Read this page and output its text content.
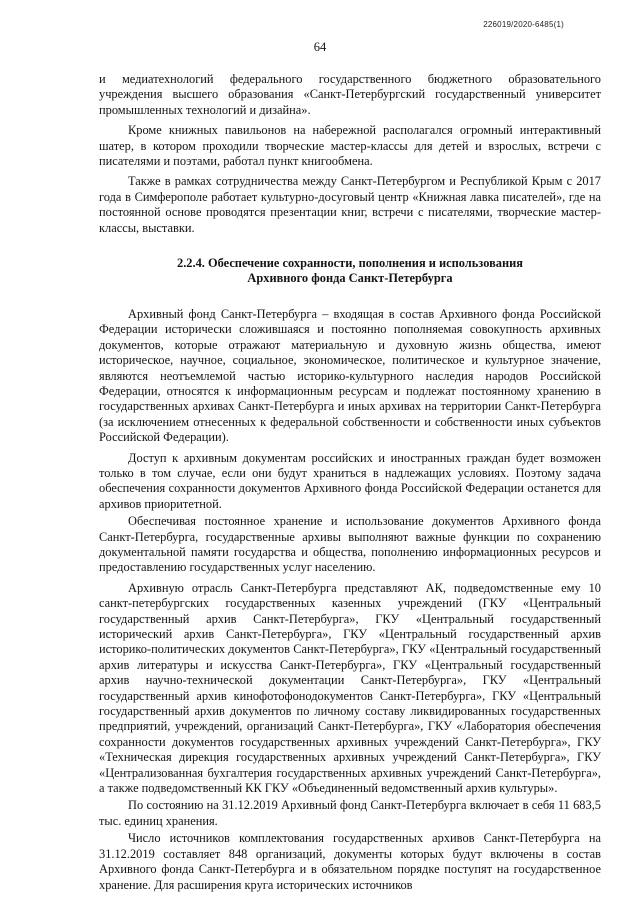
226019/2020-6485(1)
64

и медиатехнологий федерального государственного бюджетного образовательного учреждения высшего образования «Санкт-Петербургский государственный университет промышленных технологий и дизайна».

Кроме книжных павильонов на набережной располагался огромный интерактивный шатер, в котором проходили творческие мастер-классы для детей и взрослых, встречи с писателями и поэтами, работал пункт книгообмена.

Также в рамках сотрудничества между Санкт-Петербургом и Республикой Крым с 2017 года в Симферополе работает культурно-досуговый центр «Книжная лавка писателей», где на постоянной основе проводятся презентации книг, встречи с писателями, творческие мастер-классы, выставки.

2.2.4. Обеспечение сохранности, пополнения и использования
Архивного фонда Санкт-Петербурга

Архивный фонд Санкт-Петербурга – входящая в состав Архивного фонда Российской Федерации исторически сложившаяся и постоянно пополняемая совокупность архивных документов, которые отражают материальную и духовную жизнь общества, имеют историческое, научное, социальное, экономическое, политическое и культурное значение, являются неотъемлемой частью историко-культурного наследия народов Российской Федерации, относятся к информационным ресурсам и подлежат постоянному хранению в государственных архивах Санкт-Петербурга и иных архивах на территории Санкт-Петербурга (за исключением отнесенных к федеральной собственности и собственности иных субъектов Российской Федерации).

Доступ к архивным документам российских и иностранных граждан будет возможен только в том случае, если они будут храниться в надлежащих условиях. Поэтому задача обеспечения сохранности документов Архивного фонда Российской Федерации останется для архивов приоритетной.

Обеспечивая постоянное хранение и использование документов Архивного фонда Санкт-Петербурга, государственные архивы выполняют важные функции по сохранению документальной памяти государства и общества, пополнению информационных ресурсов и предоставлению государственных услуг населению.

Архивную отрасль Санкт-Петербурга представляют АК, подведомственные ему 10 санкт-петербургских государственных казенных учреждений (ГКУ «Центральный государственный архив Санкт-Петербурга», ГКУ «Центральный государственный исторический архив Санкт-Петербурга», ГКУ «Центральный государственный архив историко-политических документов Санкт-Петербурга», ГКУ «Центральный государственный архив литературы и искусства Санкт-Петербурга», ГКУ «Центральный государственный архив научно-технической документации Санкт-Петербурга», ГКУ «Центральный государственный архив кинофотофонодокументов Санкт-Петербурга», ГКУ «Центральный государственный архив документов по личному составу ликвидированных государственных предприятий, учреждений, организаций Санкт-Петербурга», ГКУ «Лаборатория обеспечения сохранности документов государственных архивных учреждений Санкт-Петербурга», ГКУ «Техническая дирекция государственных архивных учреждений Санкт-Петербурга», ГКУ «Централизованная бухгалтерия государственных архивных учреждений Санкт-Петербурга», а также подведомственный КК ГКУ «Объединенный ведомственный архив культуры».

По состоянию на 31.12.2019 Архивный фонд Санкт-Петербурга включает в себя 11 683,5 тыс. единиц хранения.

Число источников комплектования государственных архивов Санкт-Петербурга на 31.12.2019 составляет 848 организаций, документы которых будут включены в состав Архивного фонда Санкт-Петербурга и в обязательном порядке поступят на государственное хранение. Для расширения круга исторических источников
